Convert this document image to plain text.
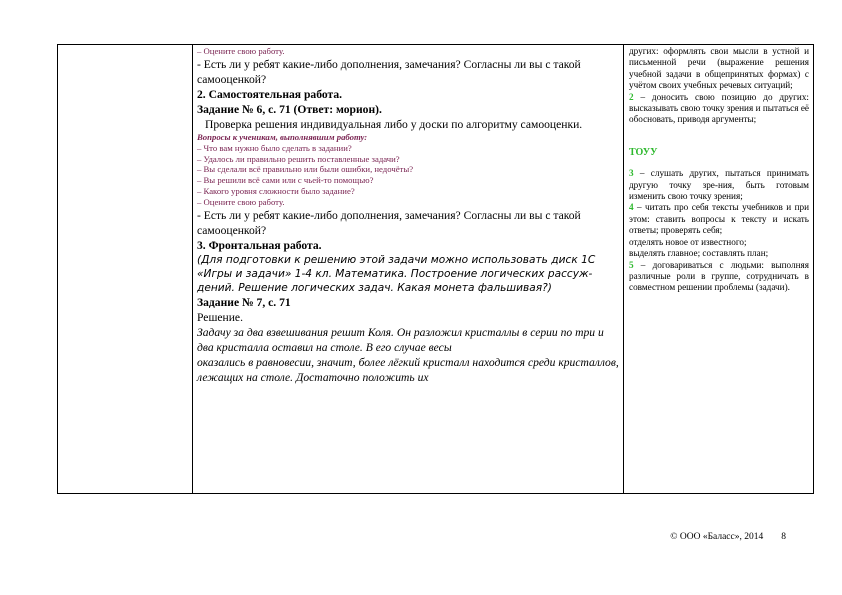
– Оцените свою работу.

- Есть ли у ребят какие-либо дополнения, замечания? Согласны ли вы с такой самооценкой?

2. Самостоятельная работа.

Задание № 6, с. 71 (Ответ: морион).

Проверка решения индивидуальная либо у доски по алгоритму самооценки.

Вопросы к ученикам, выполнявшим работу:

– Что вам нужно было сделать в задании?

– Удалось ли правильно решить поставленные задачи?

– Вы сделали всё правильно или были ошибки, недочёты?

– Вы решили всё сами или с чьей-то помощью?

– Какого уровня сложности было задание?

– Оцените свою работу.

- Есть ли у ребят какие-либо дополнения, замечания? Согласны ли вы с такой самооценкой?

3. Фронтальная работа.

(Для подготовки к решению этой задачи можно использовать диск 1С «Игры и задачи» 1-4 кл. Математика. Построение логических рассуж-дений. Решение логических задач. Какая монета фальшивая?)

Задание № 7, с. 71

Решение.

Задачу за два взвешивания решит Коля. Он разложил кристаллы в серии по три и два кристалла оставил на столе. В его случае весы

оказались в равновесии, значит, более лёгкий кристалл находится среди кристаллов, лежащих на столе. Достаточно положить их

других: оформлять свои мысли в устной и письменной речи (выражение решения учебной задачи в общепринятых формах) с учётом своих учебных речевых ситуаций;

2 – доносить свою позицию до других: высказывать свою точку зрения и пытаться её обосновать, приводя аргументы;

ТОУУ

3 – слушать других, пытаться принимать другую точку зре-ния, быть готовым изменить свою точку зрения;

4 – читать про себя тексты учебников и при этом: ставить вопросы к тексту и искать ответы; проверять себя;

отделять новое от известного;

выделять главное; составлять план;

5 – договариваться с людьми: выполняя различные роли в группе, сотрудничать в совместном решении проблемы (задачи).

© ООО «Баласс», 2014 8
